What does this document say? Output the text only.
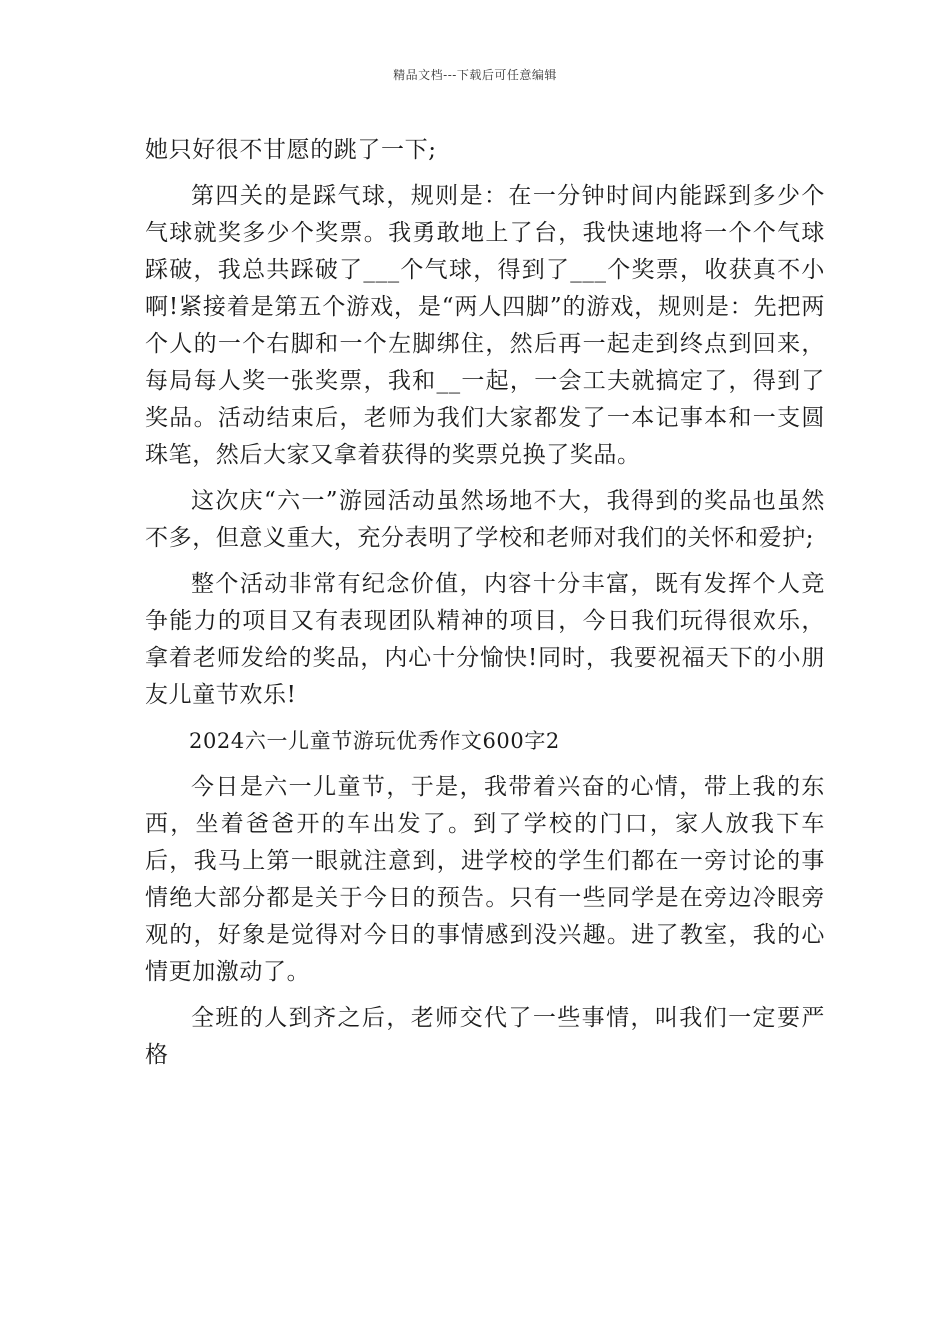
精品文档---下载后可任意编辑

她只好很不甘愿的跳了一下;

第四关的是踩气球，规则是：在一分钟时间内能踩到多少个气球就奖多少个奖票。我勇敢地上了台，我快速地将一个个气球踩破，我总共踩破了___个气球，得到了___个奖票，收获真不小啊!紧接着是第五个游戏，是“两人四脚”的游戏，规则是：先把两个人的一个右脚和一个左脚绑住，然后再一起走到终点到回来，每局每人奖一张奖票，我和__一起，一会工夫就搞定了，得到了奖品。活动结束后，老师为我们大家都发了一本记事本和一支圆珠笔，然后大家又拿着获得的奖票兑换了奖品。

这次庆“六一”游园活动虽然场地不大，我得到的奖品也虽然不多，但意义重大，充分表明了学校和老师对我们的关怀和爱护;

整个活动非常有纪念价值，内容十分丰富，既有发挥个人竞争能力的项目又有表现团队精神的项目，今日我们玩得很欢乐，拿着老师发给的奖品，内心十分愉快!同时，我要祝福天下的小朋友儿童节欢乐!

2024六一儿童节游玩优秀作文600字2

今日是六一儿童节，于是，我带着兴奋的心情，带上我的东西，坐着爸爸开的车出发了。到了学校的门口，家人放我下车后，我马上第一眼就注意到，进学校的学生们都在一旁讨论的事情绝大部分都是关于今日的预告。只有一些同学是在旁边冷眼旁观的，好象是觉得对今日的事情感到没兴趣。进了教室，我的心情更加激动了。

全班的人到齐之后，老师交代了一些事情，叫我们一定要严格
